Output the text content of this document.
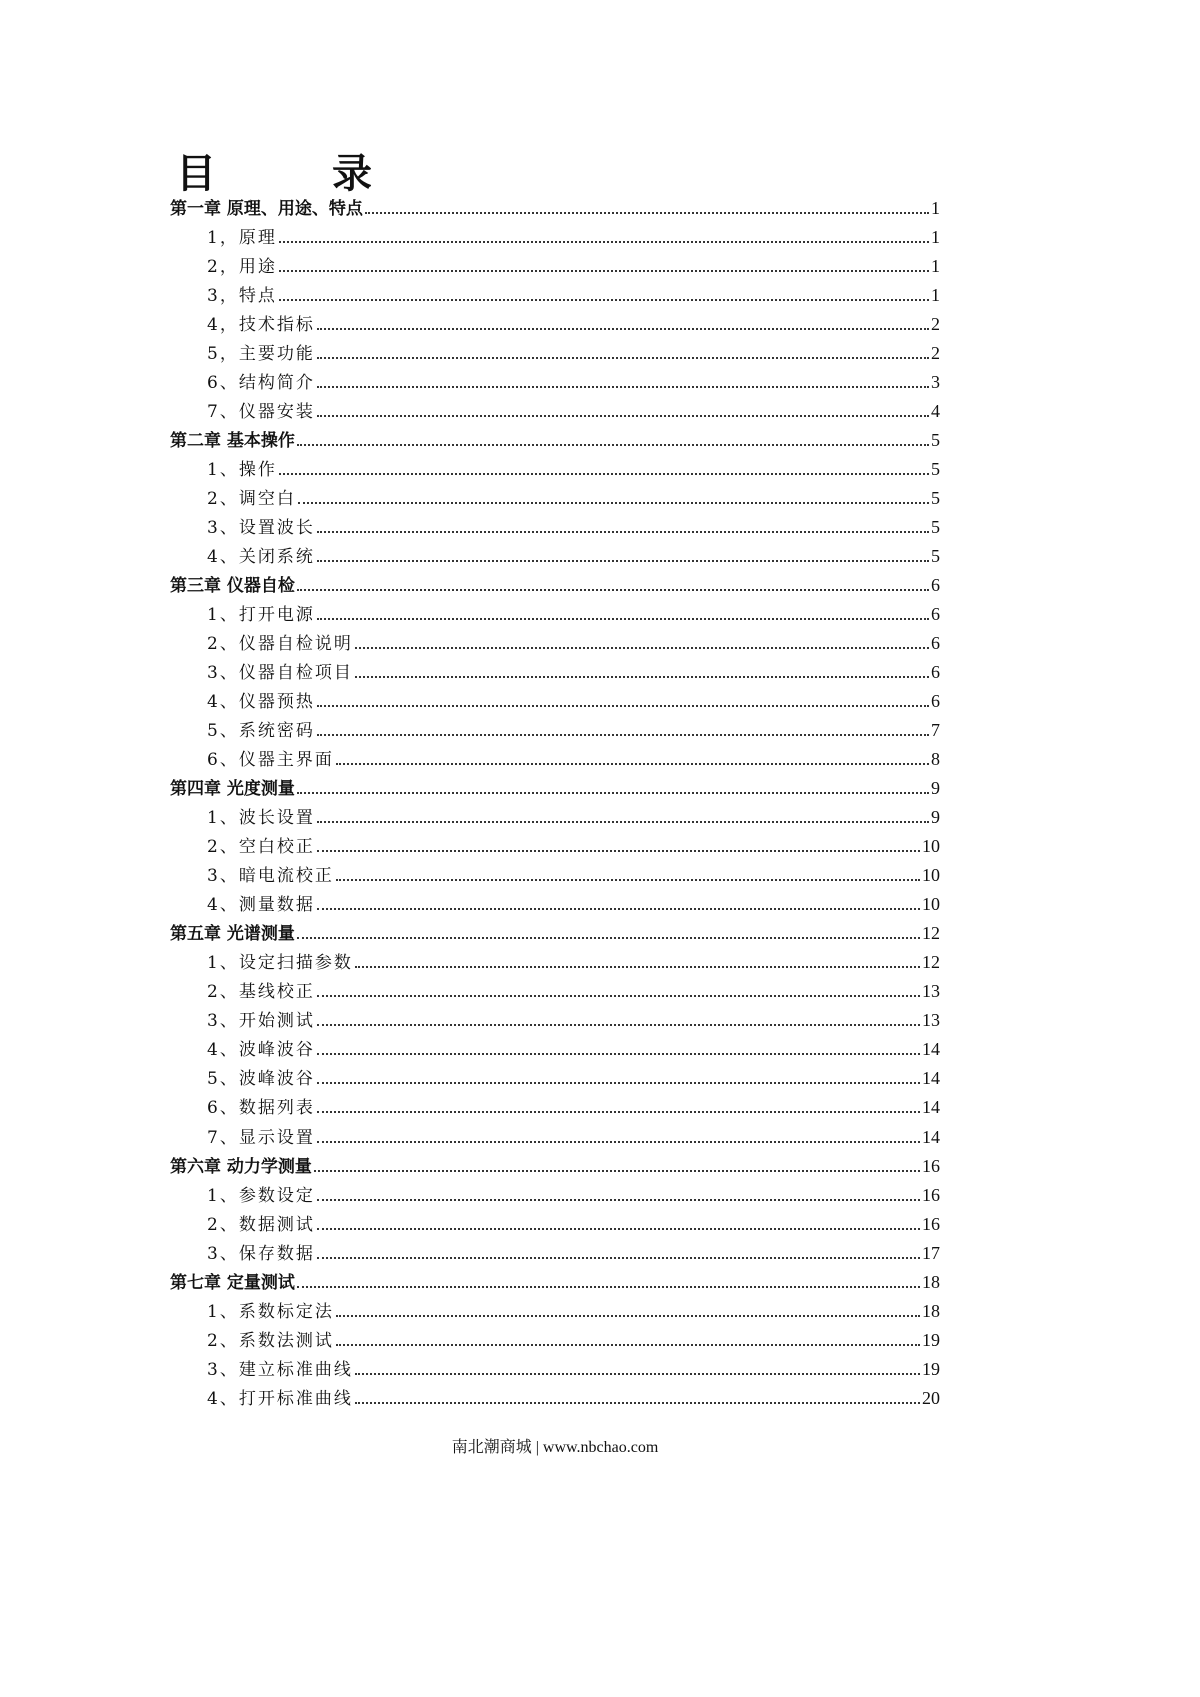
目　录
第一章 原理、用途、特点	1
1，原理	1
2，用途	1
3，特点	1
4，技术指标	2
5，主要功能	2
6、结构简介	3
7、仪器安装	4
第二章 基本操作	5
1、操作	5
2、调空白	5
3、设置波长	5
4、关闭系统	5
第三章 仪器自检	6
1、打开电源	6
2、仪器自检说明	6
3、仪器自检项目	6
4、仪器预热	6
5、系统密码	7
6、仪器主界面	8
第四章 光度测量	9
1、波长设置	9
2、空白校正	10
3、暗电流校正	10
4、测量数据	10
第五章 光谱测量	12
1、设定扫描参数	12
2、基线校正	13
3、开始测试	13
4、波峰波谷	14
5、波峰波谷	14
6、数据列表	14
7、显示设置	14
第六章 动力学测量	16
1、参数设定	16
2、数据测试	16
3、保存数据	17
第七章 定量测试	18
1、系数标定法	18
2、系数法测试	19
3、建立标准曲线	19
4、打开标准曲线	20
南北潮商城 | www.nbchao.com
